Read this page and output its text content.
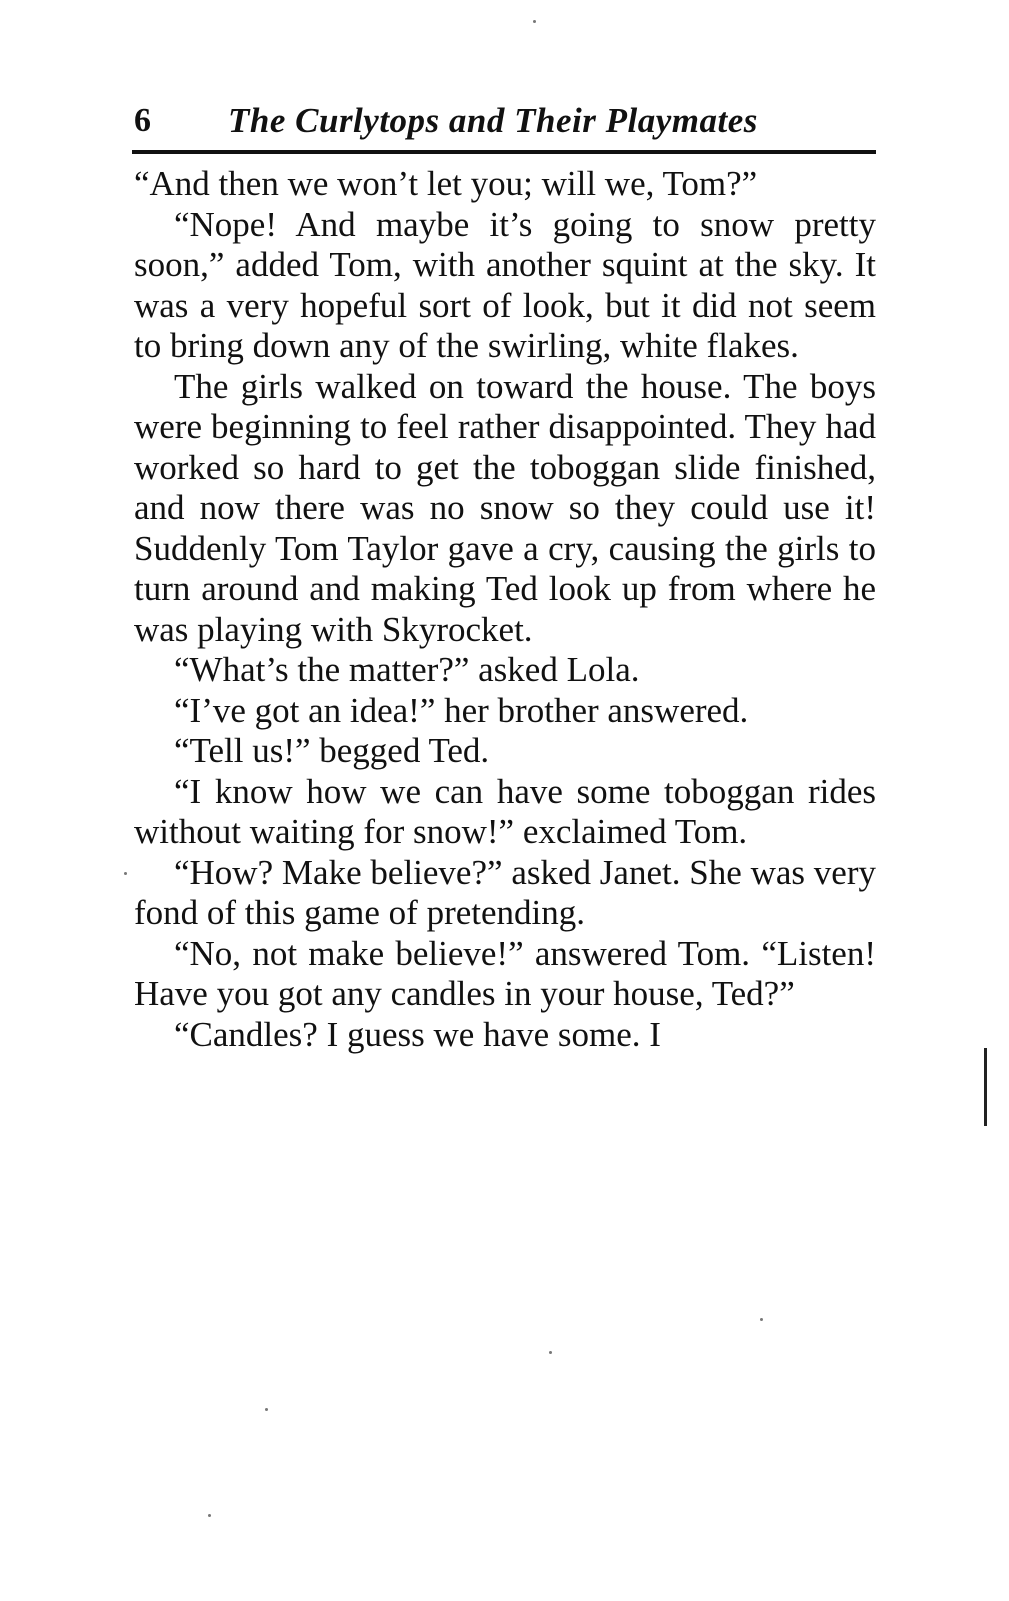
6 The Curlytops and Their Playmates

“And then we won’t let you; will we, Tom?”

“Nope! And maybe it’s going to snow pretty soon,” added Tom, with another squint at the sky. It was a very hopeful sort of look, but it did not seem to bring down any of the swirling, white flakes.

The girls walked on toward the house. The boys were beginning to feel rather disappointed. They had worked so hard to get the toboggan slide finished, and now there was no snow so they could use it! Suddenly Tom Taylor gave a cry, causing the girls to turn around and making Ted look up from where he was playing with Skyrocket.

“What’s the matter?” asked Lola.

“I’ve got an idea!” her brother answered.

“Tell us!” begged Ted.

“I know how we can have some toboggan rides without waiting for snow!” exclaimed Tom.

“How? Make believe?” asked Janet. She was very fond of this game of pretending.

“No, not make believe!” answered Tom. “Listen! Have you got any candles in your house, Ted?”

“Candles? I guess we have some. I
